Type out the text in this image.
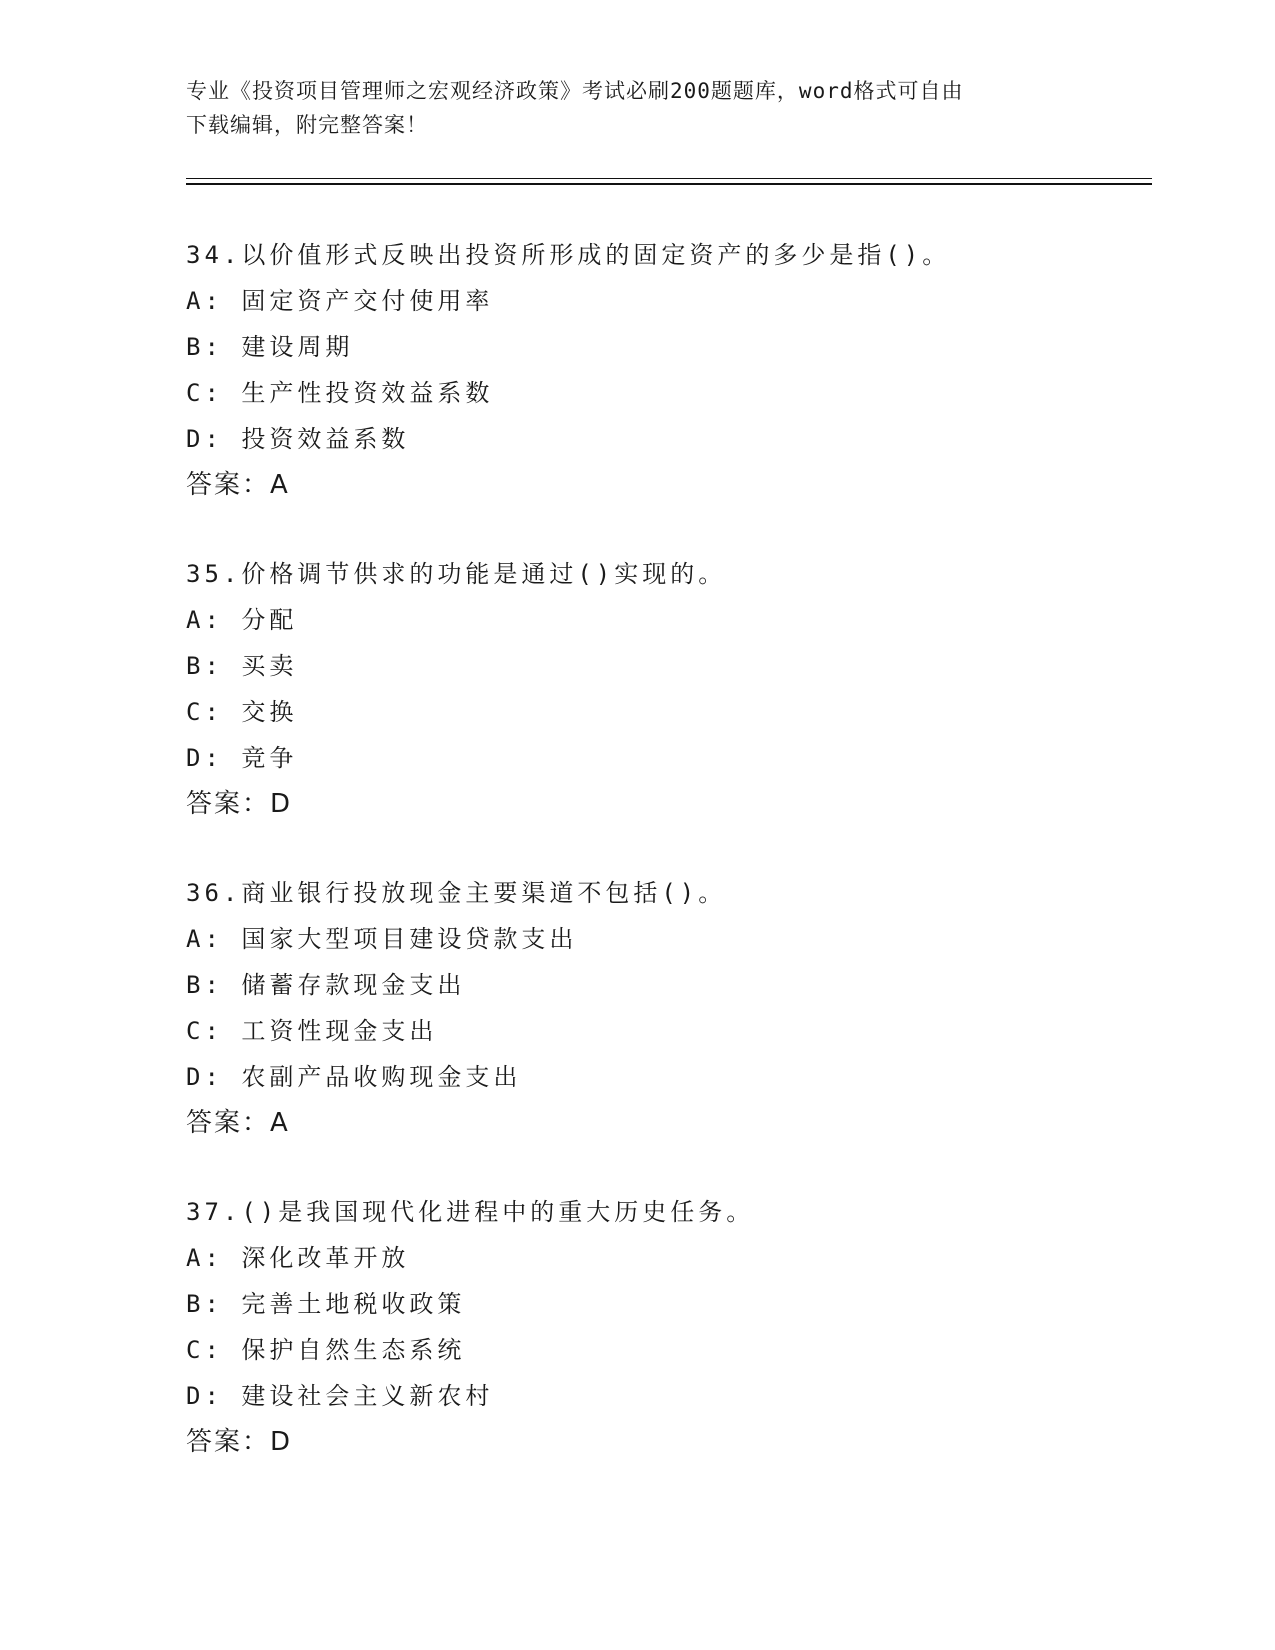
专业《投资项目管理师之宏观经济政策》考试必刷200题题库，word格式可自由
下载编辑，附完整答案！
34.以价值形式反映出投资所形成的固定资产的多少是指()。
A: 固定资产交付使用率
B: 建设周期
C: 生产性投资效益系数
D: 投资效益系数
答案：A
35.价格调节供求的功能是通过()实现的。
A: 分配
B: 买卖
C: 交换
D: 竞争
答案：D
36.商业银行投放现金主要渠道不包括()。
A: 国家大型项目建设贷款支出
B: 储蓄存款现金支出
C: 工资性现金支出
D: 农副产品收购现金支出
答案：A
37.()是我国现代化进程中的重大历史任务。
A: 深化改革开放
B: 完善土地税收政策
C: 保护自然生态系统
D: 建设社会主义新农村
答案：D
